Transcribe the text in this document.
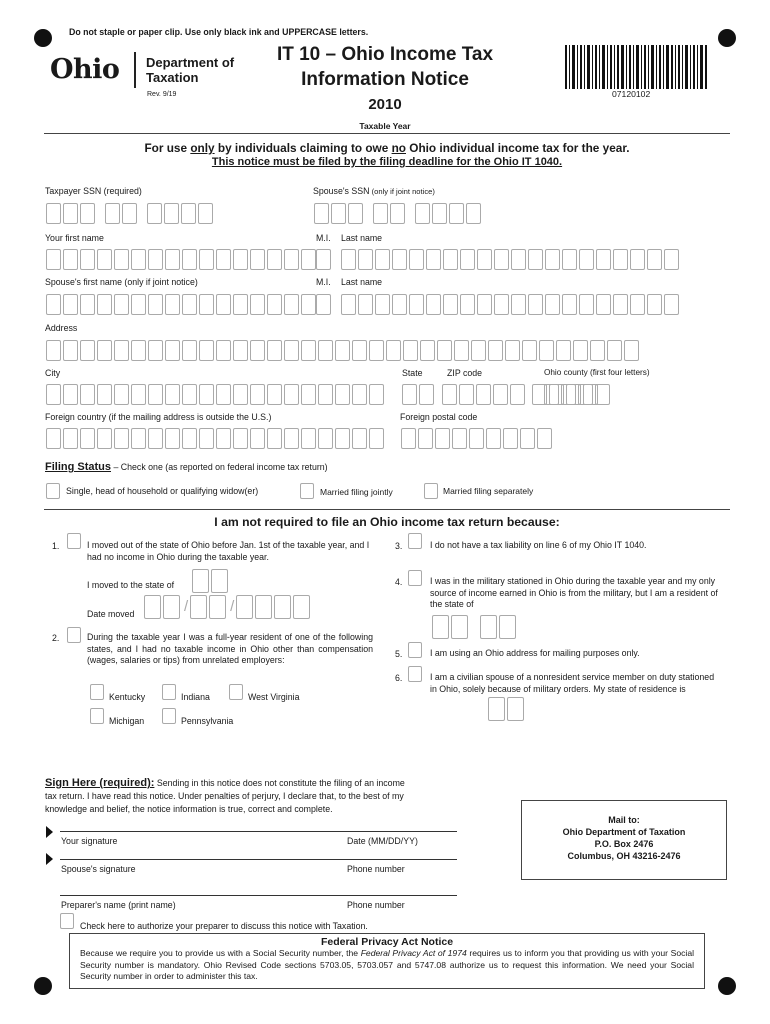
Do not staple or paper clip. Use only black ink and UPPERCASE letters.
Ohio Department of
Taxation
Rev. 9/19
IT 10 – Ohio Income Tax
Information Notice
2010
Taxable Year
07120102
For use only by individuals claiming to owe no Ohio individual income tax for the year.
This notice must be filed by the filing deadline for the Ohio IT 1040.
Taxpayer SSN (required)	Spouse's SSN (only if joint notice)
Your first name	M.I. Last name
Spouse's first name (only if joint notice)	M.I. Last name
Address
City	State	ZIP code	Ohio county (first four letters)
Foreign country (if the mailing address is outside the U.S.)	Foreign postal code
Filing Status – Check one (as reported on federal income tax return)
Single, head of household or qualifying widow(er)	Married filing jointly	Married filing separately
I am not required to file an Ohio income tax return because:
1.	I moved out of the state of Ohio before Jan. 1st of the taxable year, and I had no income in Ohio during the taxable year.
I moved to the state of
Date moved	/	/
2.	During the taxable year I was a full-year resident of one of the following states, and I had no taxable income in Ohio other than compensation (wages, salaries or tips) from unrelated employers:
Kentucky	Indiana	West Virginia
Michigan	Pennsylvania
3.	I do not have a tax liability on line 6 of my Ohio IT 1040.
4.	I was in the military stationed in Ohio during the taxable year and my only source of income earned in Ohio is from the military, but I am a resident of the state of
5.	I am using an Ohio address for mailing purposes only.
6.	I am a civilian spouse of a nonresident service member on duty stationed in Ohio, solely because of military orders. My state of residence is
Sign Here (required): Sending in this notice does not constitute the filing of an income
tax return. I have read this notice. Under penalties of perjury, I declare that, to the best of my
knowledge and belief, the notice information is true, correct and complete.
Your signature	Date (MM/DD/YY)
Spouse's signature	Phone number
Preparer's name (print name)	Phone number
Check here to authorize your preparer to discuss this notice with Taxation.
Mail to:
Ohio Department of Taxation
P.O. Box 2476
Columbus, OH 43216-2476
Federal Privacy Act Notice
Because we require you to provide us with a Social Security number, the Federal Privacy Act of 1974 requires us to inform you that providing us with your Social Security number is mandatory. Ohio Revised Code sections 5703.05, 5703.057 and 5747.08 authorize us to request this information. We need your Social Security number in order to administer this tax.
